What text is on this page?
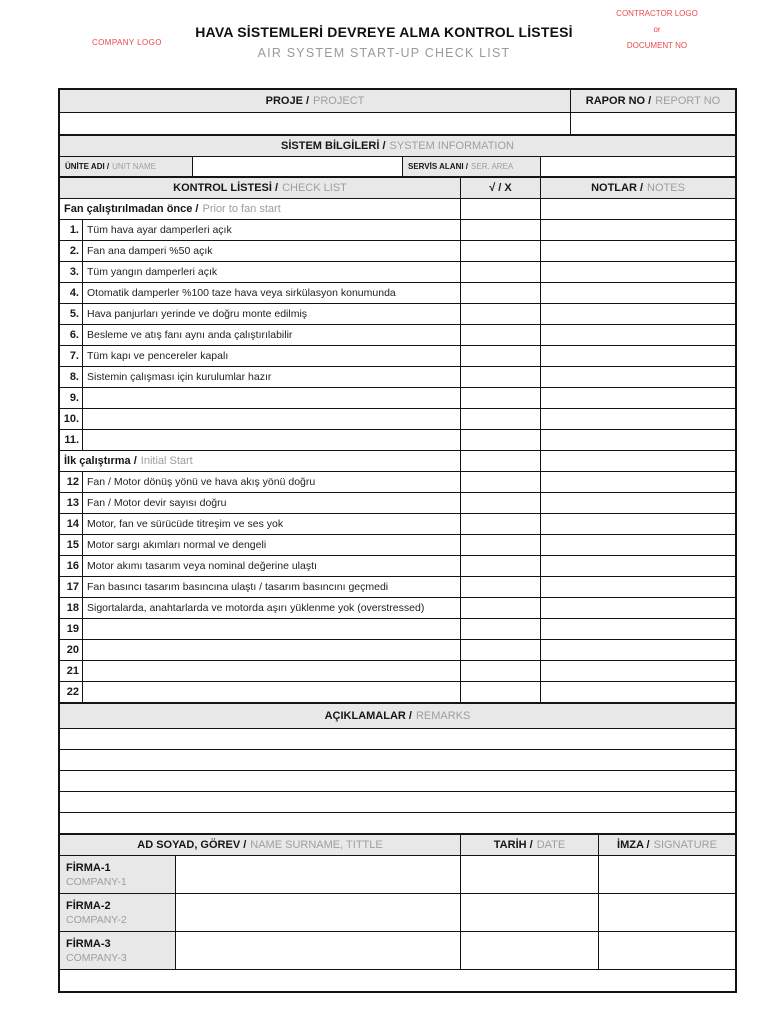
COMPANY LOGO
HAVA SİSTEMLERİ DEVREYE ALMA KONTROL LİSTESİ
AIR SYSTEM START-UP CHECK LIST
CONTRACTOR LOGO
or
DOCUMENT NO
PROJE / PROJECT	RAPOR NO / REPORT NO
SİSTEM BİLGİLERİ / SYSTEM INFORMATION
ÜNİTE ADI / UNIT NAME	SERVİS ALANI / SER. AREA
KONTROL LİSTESİ / CHECK LIST	√ / X	NOTLAR / NOTES
Fan çalıştırılmadan önce / Prior to fan start
1. Tüm hava ayar damperleri açık
2. Fan ana damperi %50 açık
3. Tüm yangın damperleri açık
4. Otomatik damperler %100 taze hava veya sirkülasyon konumunda
5. Hava panjurları yerinde ve doğru monte edilmiş
6. Besleme ve atış fanı aynı anda çalıştırılabilir
7. Tüm kapı ve pencereler kapalı
8. Sistemin çalışması için kurulumlar hazır
9.
10.
11.
İlk çalıştırma / Initial Start
12 Fan / Motor dönüş yönü ve hava akış yönü doğru
13 Fan / Motor devir sayısı doğru
14 Motor, fan ve sürücüde titreşim ve ses yok
15 Motor sargı akımları normal ve dengeli
16 Motor akımı tasarım veya nominal değerine ulaştı
17 Fan basıncı tasarım basıncına ulaştı / tasarım basıncını geçmedi
18 Sigortalarda, anahtarlarda ve motorda aşırı yüklenme yok (overstressed)
19
20
21
22
AÇIKLAMALAR / REMARKS
AD SOYAD, GÖREV / NAME SURNAME, TITTLE	TARİH / DATE	İMZA / SIGNATURE
FİRMA-1
COMPANY-1
FİRMA-2
COMPANY-2
FİRMA-3
COMPANY-3
